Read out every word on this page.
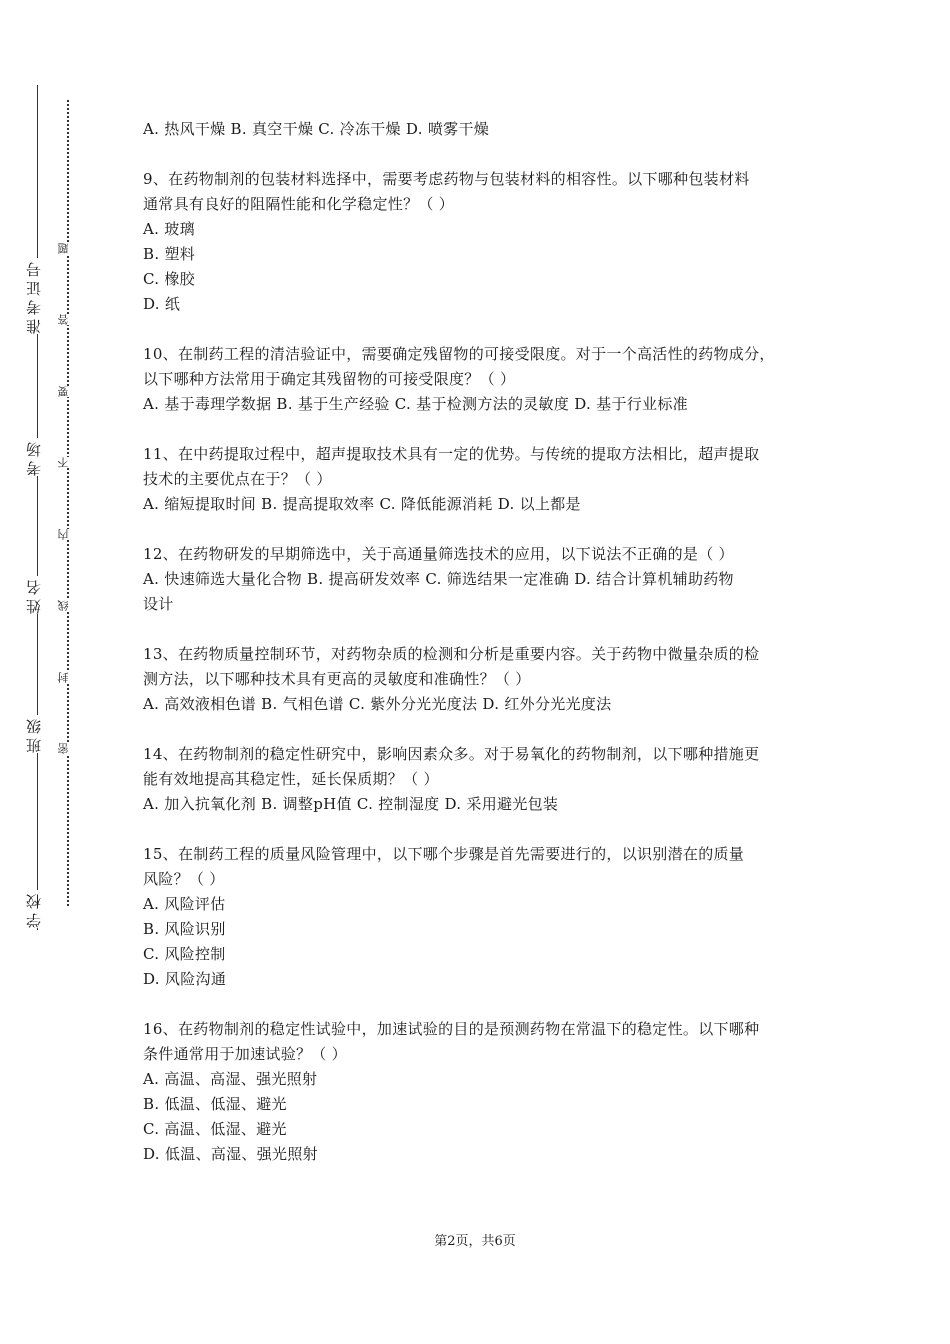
准考证号
考场
姓名
班级
学校
题
答
要
不
内
线
封
密
A. 热风干燥 B. 真空干燥 C. 冷冻干燥 D. 喷雾干燥
9、在药物制剂的包装材料选择中，需要考虑药物与包装材料的相容性。以下哪种包装材料
通常具有良好的阻隔性能和化学稳定性？（ ）
A. 玻璃
B. 塑料
C. 橡胶
D. 纸
10、在制药工程的清洁验证中，需要确定残留物的可接受限度。对于一个高活性的药物成分，
以下哪种方法常用于确定其残留物的可接受限度？（ ）
A. 基于毒理学数据 B. 基于生产经验 C. 基于检测方法的灵敏度 D. 基于行业标准
11、在中药提取过程中，超声提取技术具有一定的优势。与传统的提取方法相比，超声提取
技术的主要优点在于？（ ）
A. 缩短提取时间 B. 提高提取效率 C. 降低能源消耗 D. 以上都是
12、在药物研发的早期筛选中，关于高通量筛选技术的应用，以下说法不正确的是（ ）
A. 快速筛选大量化合物 B. 提高研发效率 C. 筛选结果一定准确 D. 结合计算机辅助药物
设计
13、在药物质量控制环节，对药物杂质的检测和分析是重要内容。关于药物中微量杂质的检
测方法，以下哪种技术具有更高的灵敏度和准确性？（ ）
A. 高效液相色谱 B. 气相色谱 C. 紫外分光光度法 D. 红外分光光度法
14、在药物制剂的稳定性研究中，影响因素众多。对于易氧化的药物制剂，以下哪种措施更
能有效地提高其稳定性，延长保质期？（ ）
A. 加入抗氧化剂 B. 调整pH值 C. 控制湿度 D. 采用避光包装
15、在制药工程的质量风险管理中，以下哪个步骤是首先需要进行的，以识别潜在的质量
风险？（ ）
A. 风险评估
B. 风险识别
C. 风险控制
D. 风险沟通
16、在药物制剂的稳定性试验中，加速试验的目的是预测药物在常温下的稳定性。以下哪种
条件通常用于加速试验？（ ）
A. 高温、高湿、强光照射
B. 低温、低湿、避光
C. 高温、低湿、避光
D. 低温、高湿、强光照射
第2页，共6页
